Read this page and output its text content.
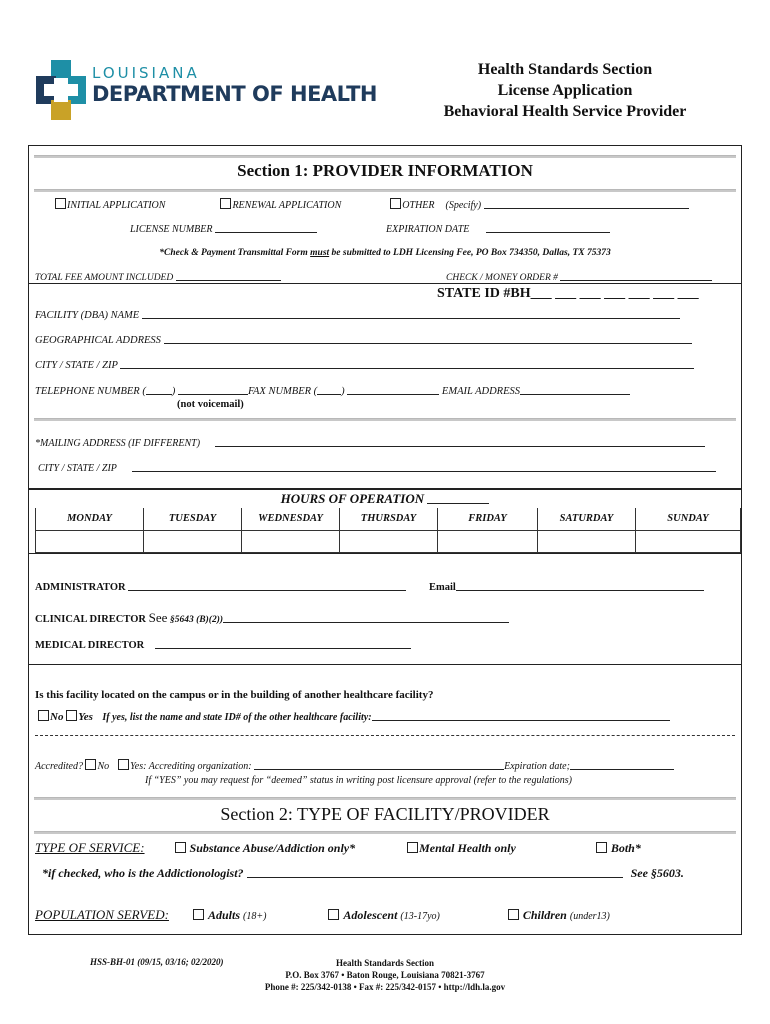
LOUISIANA
DEPARTMENT OF HEALTH
Health Standards Section
License Application
Behavioral Health Service Provider
Section 1: PROVIDER INFORMATION
INITIAL APPLICATION	RENEWAL APPLICATION	OTHER (Specify)
LICENSE NUMBER	EXPIRATION DATE
*Check & Payment Transmittal Form must be submitted to LDH Licensing Fee, PO Box 734350, Dallas, TX 75373
TOTAL FEE AMOUNT INCLUDED	CHECK / MONEY ORDER #
STATE ID #BH___ ___ ___ ___ ___ ___ ___
FACILITY (DBA) NAME
GEOGRAPHICAL ADDRESS
CITY / STATE / ZIP
TELEPHONE NUMBER ( )	FAX NUMBER ( )	EMAIL ADDRESS
(not voicemail)
*MAILING ADDRESS (IF DIFFERENT)
CITY / STATE / ZIP
HOURS OF OPERATION
MONDAY	TUESDAY	WEDNESDAY	THURSDAY	FRIDAY	SATURDAY	SUNDAY

ADMINISTRATOR	Email
CLINICAL DIRECTOR See §5643 (B)(2))
MEDICAL DIRECTOR
Is this facility located on the campus or in the building of another healthcare facility?
No Yes If yes, list the name and state ID# of the other healthcare facility:
Accredited? No Yes: Accrediting organization:	Expiration date;
If “YES” you may request for “deemed” status in writing post licensure approval (refer to the regulations)
Section 2: TYPE OF FACILITY/PROVIDER
TYPE OF SERVICE:	Substance Abuse/Addiction only*	Mental Health only	Both*
*if checked, who is the Addictionologist?	See §5603.
POPULATION SERVED:	Adults (18+)	Adolescent (13-17yo)	Children (under13)
HSS-BH-01 (09/15, 03/16; 02/2020)	Health Standards Section
P.O. Box 3767 • Baton Rouge, Louisiana 70821-3767
Phone #: 225/342-0138 • Fax #: 225/342-0157 • http://ldh.la.gov
